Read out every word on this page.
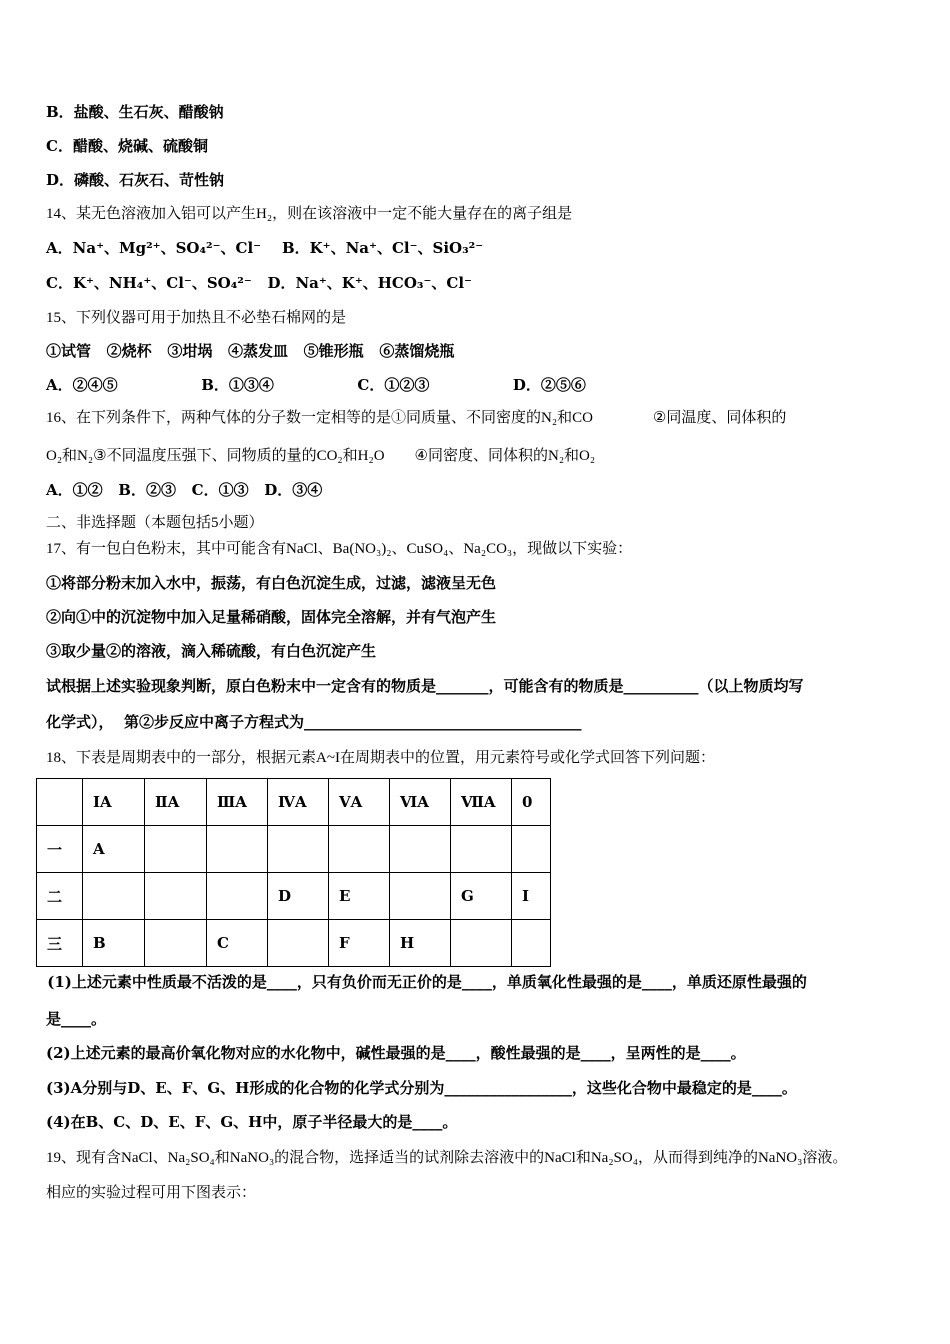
B．盐酸、生石灰、醋酸钠
C．醋酸、烧碱、硫酸铜
D．磷酸、石灰石、苛性钠
14、某无色溶液加入铝可以产生H₂，则在该溶液中一定不能大量存在的离子组是
A．Na⁺、Mg²⁺、SO₄²⁻、Cl⁻    B．K⁺、Na⁺、Cl⁻、SiO₃²⁻
C．K⁺、NH₄⁺、Cl⁻、SO₄²⁻   D．Na⁺、K⁺、HCO₃⁻、Cl⁻
15、下列仪器可用于加热且不必垫石棉网的是
①试管   ②烧杯   ③坩埚   ④蒸发皿   ⑤锥形瓶   ⑥蒸馏烧瓶
A．②④⑤                B．①③④                C．①②③                D．②⑤⑥
16、在下列条件下，两种气体的分子数一定相等的是①同质量、不同密度的N₂和CO                ②同温度、同体积的
O₂和N₂③不同温度压强下、同物质的量的CO₂和H₂O        ④同密度、同体积的N₂和O₂
A．①②   B．②③   C．①③   D．③④
二、非选择题（本题包括5小题）
17、有一包白色粉末，其中可能含有NaCl、Ba(NO₃)₂、CuSO₄、Na₂CO₃，现做以下实验：
①将部分粉末加入水中，振荡，有白色沉淀生成，过滤，滤液呈无色
②向①中的沉淀物中加入足量稀硝酸，固体完全溶解，并有气泡产生
③取少量②的溶液，滴入稀硫酸，有白色沉淀产生
试根据上述实验现象判断，原白色粉末中一定含有的物质是_______，可能含有的物质是__________（以上物质均写
化学式），  第②步反应中离子方程式为_____________________________________
18、下表是周期表中的一部分，根据元素A~I在周期表中的位置，用元素符号或化学式回答下列问题：
	ⅠA	ⅡA	ⅢA	ⅣA	ⅤA	ⅥA	ⅦA	0
一	A							
二				D	E		G	I
三	B		C		F	H		
(1)上述元素中性质最不活泼的是____，只有负价而无正价的是____，单质氧化性最强的是____，单质还原性最强的
是____。
(2)上述元素的最高价氧化物对应的水化物中，碱性最强的是____，酸性最强的是____，呈两性的是____。
(3)A分别与D、E、F、G、H形成的化合物的化学式分别为_________________，这些化合物中最稳定的是____。
(4)在B、C、D、E、F、G、H中，原子半径最大的是____。
19、现有含NaCl、Na₂SO₄和NaNO₃的混合物，选择适当的试剂除去溶液中的NaCl和Na₂SO₄，从而得到纯净的NaNO₃溶液。
相应的实验过程可用下图表示：
